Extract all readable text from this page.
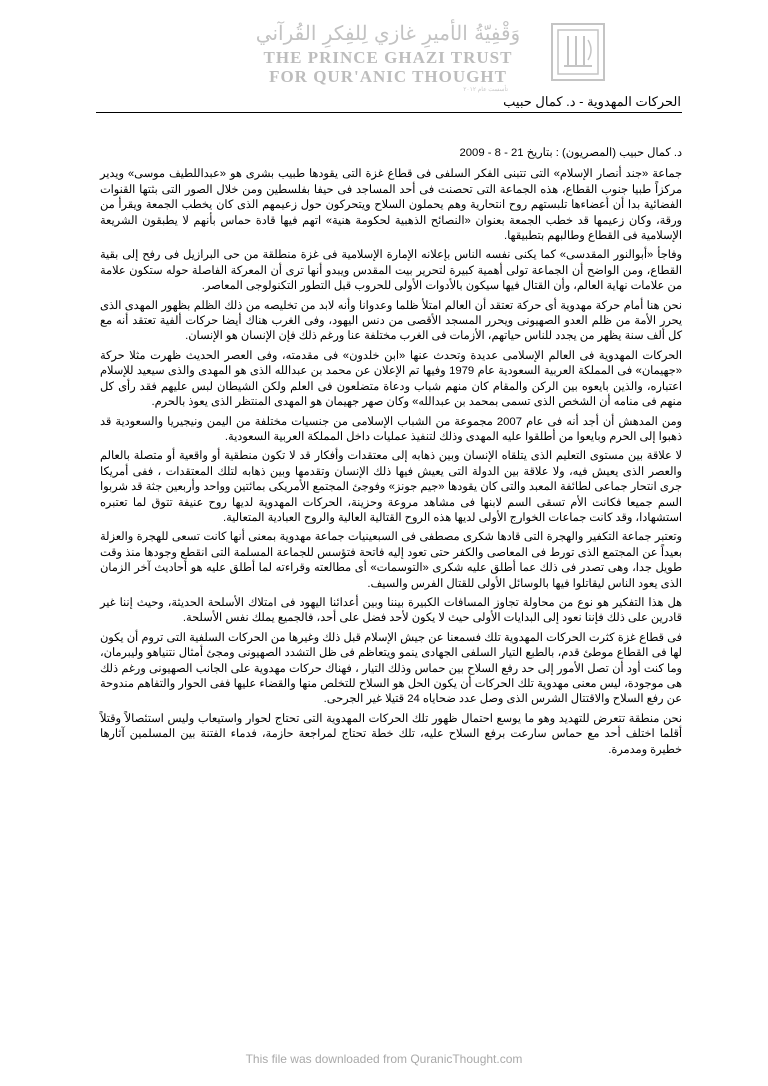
وَقْفِيّةُ الأميرِ غازي لِلفِكرِ القُرآني
THE PRINCE GHAZI TRUST
FOR QUR'ANIC THOUGHT
تأسست عام ٢٠١٢
الحركات المهدوية - د. كمال حبيب

د. كمال حبيب (المصريون) : بتاريخ 21 - 8 - 2009

جماعة «جند أنصار الإسلام» التى تتبنى الفكر السلفى فى قطاع غزة التى يقودها طبيب بشرى هو «عبداللطيف موسى» ويدير مركزاً طبيا جنوب القطاع، هذه الجماعة التى تحصنت فى أحد المساجد فى حيفا بفلسطين ومن خلال الصور التى بثتها القنوات الفضائية بدا أن أعضاءها تلبستهم روح انتحارية وهم يحملون السلاح ويتحركون حول زعيمهم الذى كان يخطب الجمعة ويقرأ من ورقة، وكان زعيمها قد خطب الجمعة بعنوان «النصائح الذهبية لحكومة هنية» اتهم فيها قادة حماس بأنهم لا يطبقون الشريعة الإسلامية فى القطاع وطالبهم بتطبيقها.

وفاجأ «أبوالنور المقدسى» كما يكنى نفسه الناس بإعلانه الإمارة الإسلامية فى غزة منطلقة من حى البرازيل فى رفح إلى بقية القطاع، ومن الواضح أن الجماعة تولى أهمية كبيرة لتحرير بيت المقدس ويبدو أنها ترى أن المعركة الفاصلة حوله ستكون علامة من علامات نهاية العالم، وأن القتال فيها سيكون بالأدوات الأولى للحروب قبل التطور التكنولوجى المعاصر.

نحن هنا أمام حركة مهدوية أى حركة تعتقد أن العالم امتلأ ظلما وعدوانا وأنه لابد من تخليصه من ذلك الظلم بظهور المهدى الذى يحرر الأمة من ظلم العدو الصهيونى ويحرر المسجد الأقصى من دنس اليهود، وفى الغرب هناك أيضا حركات ألفية تعتقد أنه مع كل ألف سنة يظهر من يجدد للناس حياتهم، الأزمات فى الغرب مختلفة عنا ورغم ذلك فإن الإنسان هو الإنسان.

الحركات المهدوية فى العالم الإسلامى عديدة وتحدث عنها «ابن خلدون» فى مقدمته، وفى العصر الحديث ظهرت مثلا حركة «جهيمان» فى المملكة العربية السعودية عام 1979 وفيها تم الإعلان عن محمد بن عبدالله الذى هو المهدى والذى سيعيد للإسلام اعتباره، والذين بايعوه بين الركن والمقام كان منهم شباب ودعاة متضلعون فى العلم ولكن الشيطان لبس عليهم فقد رأى كل منهم فى منامه أن الشخص الذى تسمى بمحمد بن عبدالله» وكان صهر جهيمان هو المهدى المنتظر الذى يعوذ بالحرم.

ومن المدهش أن أجد أنه فى عام 2007 مجموعة من الشباب الإسلامى من جنسيات مختلفة من اليمن ونيجيريا والسعودية قد ذهبوا إلى الحرم وبايعوا من أطلقوا عليه المهدى وذلك لتنفيذ عمليات داخل المملكة العربية السعودية.

لا علاقة بين مستوى التعليم الذى يتلقاه الإنسان وبين ذهابه إلى معتقدات وأفكار قد لا تكون منطقية أو واقعية أو متصلة بالعالم والعصر الذى يعيش فيه، ولا علاقة بين الدولة التى يعيش فيها ذلك الإنسان وتقدمها وبين ذهابه لتلك المعتقدات ، ففى أمريكا جرى انتحار جماعى لطائفة المعبد والتى كان يقودها «جيم جونز» وفوجئ المجتمع الأمريكى بمائتين وواحد وأربعين جثة قد شربوا السم جميعا فكانت الأم تسقى السم لابنها فى مشاهد مروعة وحزينة، الحركات المهدوية لديها روح عنيفة تتوق لما تعتبره استشهادا، وقد كانت جماعات الخوارج الأولى لديها هذه الروح القتالية العالية والروح العبادية المتعالية.

وتعتبر جماعة التكفير والهجرة التى قادها شكرى مصطفى فى السبعينيات جماعة مهدوية بمعنى أنها كانت تسعى للهجرة والعزلة بعيداً عن المجتمع الذى تورط فى المعاصى والكفر حتى تعود إليه فاتحة فتؤسس للجماعة المسلمة التى انقطع وجودها منذ وقت طويل جدا، وهى تصدر فى ذلك عما أطلق عليه شكرى «التوسمات» أى مطالعته وقراءته لما أطلق عليه هو أحاديث آخر الزمان الذى يعود الناس ليقاتلوا فيها بالوسائل الأولى للقتال الفرس والسيف.

هل هذا التفكير هو نوع من محاولة تجاوز المسافات الكبيرة بيننا وبين أعدائنا اليهود فى امتلاك الأسلحة الحديثة، وحيث إننا غير قادرين على ذلك فإننا نعود إلى البدايات الأولى حيث لا يكون لأحد فضل على أحد، فالجميع يملك نفس الأسلحة.

فى قطاع غزة كثرت الحركات المهدوية تلك فسمعنا عن جيش الإسلام قبل ذلك وغيرها من الحركات السلفية التى تروم أن يكون لها فى القطاع موطئ قدم، بالطبع التيار السلفى الجهادى ينمو ويتعاظم فى ظل التشدد الصهيونى ومجئ أمثال نتنياهو وليبرمان، وما كنت أود أن تصل الأمور إلى حد رفع السلاح بين حماس وذلك التيار ، فهناك حركات مهدوية على الجانب الصهيونى ورغم ذلك هى موجودة، ليس معنى مهدوية تلك الحركات أن يكون الحل هو السلاح للتخلص منها والقضاء عليها ففى الحوار والتفاهم مندوحة عن رفع السلاح والاقتتال الشرس الذى وصل عدد ضحاياه 24 قتيلا غير الجرحى.

نحن منطقة تتعرض للتهديد وهو ما يوسع احتمال ظهور تلك الحركات المهدوية التى تحتاج لحوار واستيعاب وليس استئصالاً وقتلاً أقلما اختلف أحد مع حماس سارعت برفع السلاح عليه، تلك خطة تحتاج لمراجعة حازمة، فدماء الفتنة بين المسلمين آثارها خطيرة ومدمرة.

This file was downloaded from QuranicThought.com
